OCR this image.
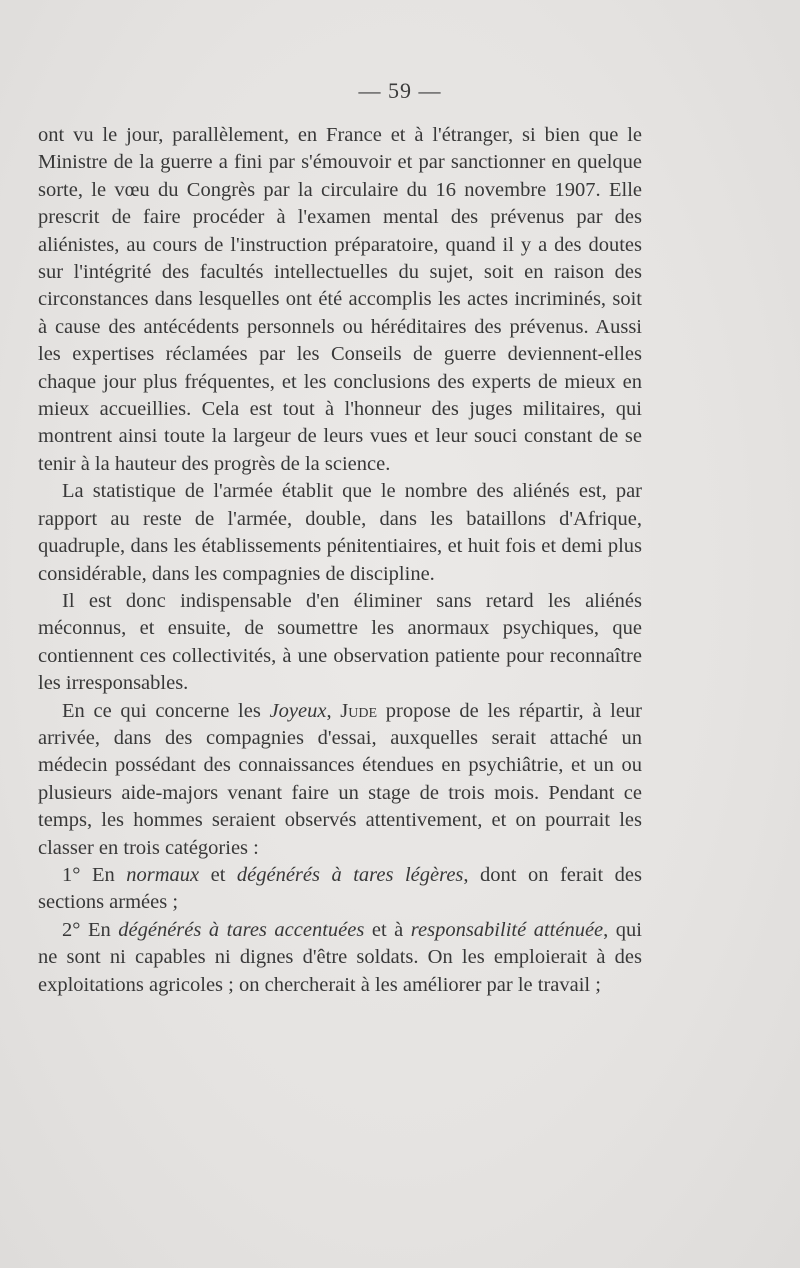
— 59 —

ont vu le jour, parallèlement, en France et à l'étranger, si bien que le Ministre de la guerre a fini par s'émouvoir et par sanctionner en quelque sorte, le vœu du Congrès par la circulaire du 16 novembre 1907. Elle prescrit de faire procéder à l'examen mental des prévenus par des aliénistes, au cours de l'instruction préparatoire, quand il y a des doutes sur l'intégrité des facultés intellectuelles du sujet, soit en raison des circonstances dans lesquelles ont été accomplis les actes incriminés, soit à cause des antécédents personnels ou héréditaires des prévenus. Aussi les expertises réclamées par les Conseils de guerre deviennent-elles chaque jour plus fréquentes, et les conclusions des experts de mieux en mieux accueillies. Cela est tout à l'honneur des juges militaires, qui montrent ainsi toute la largeur de leurs vues et leur souci constant de se tenir à la hauteur des progrès de la science.

La statistique de l'armée établit que le nombre des aliénés est, par rapport au reste de l'armée, double, dans les bataillons d'Afrique, quadruple, dans les établissements pénitentiaires, et huit fois et demi plus considérable, dans les compagnies de discipline.

Il est donc indispensable d'en éliminer sans retard les aliénés méconnus, et ensuite, de soumettre les anormaux psychiques, que contiennent ces collectivités, à une observation patiente pour reconnaître les irresponsables.

En ce qui concerne les Joyeux, Jude propose de les répartir, à leur arrivée, dans des compagnies d'essai, auxquelles serait attaché un médecin possédant des connaissances étendues en psychiâtrie, et un ou plusieurs aide-majors venant faire un stage de trois mois. Pendant ce temps, les hommes seraient observés attentivement, et on pourrait les classer en trois catégories :

1° En normaux et dégénérés à tares légères, dont on ferait des sections armées ;

2° En dégénérés à tares accentuées et à responsabilité atténuée, qui ne sont ni capables ni dignes d'être soldats. On les emploierait à des exploitations agricoles ; on chercherait à les améliorer par le travail ;
